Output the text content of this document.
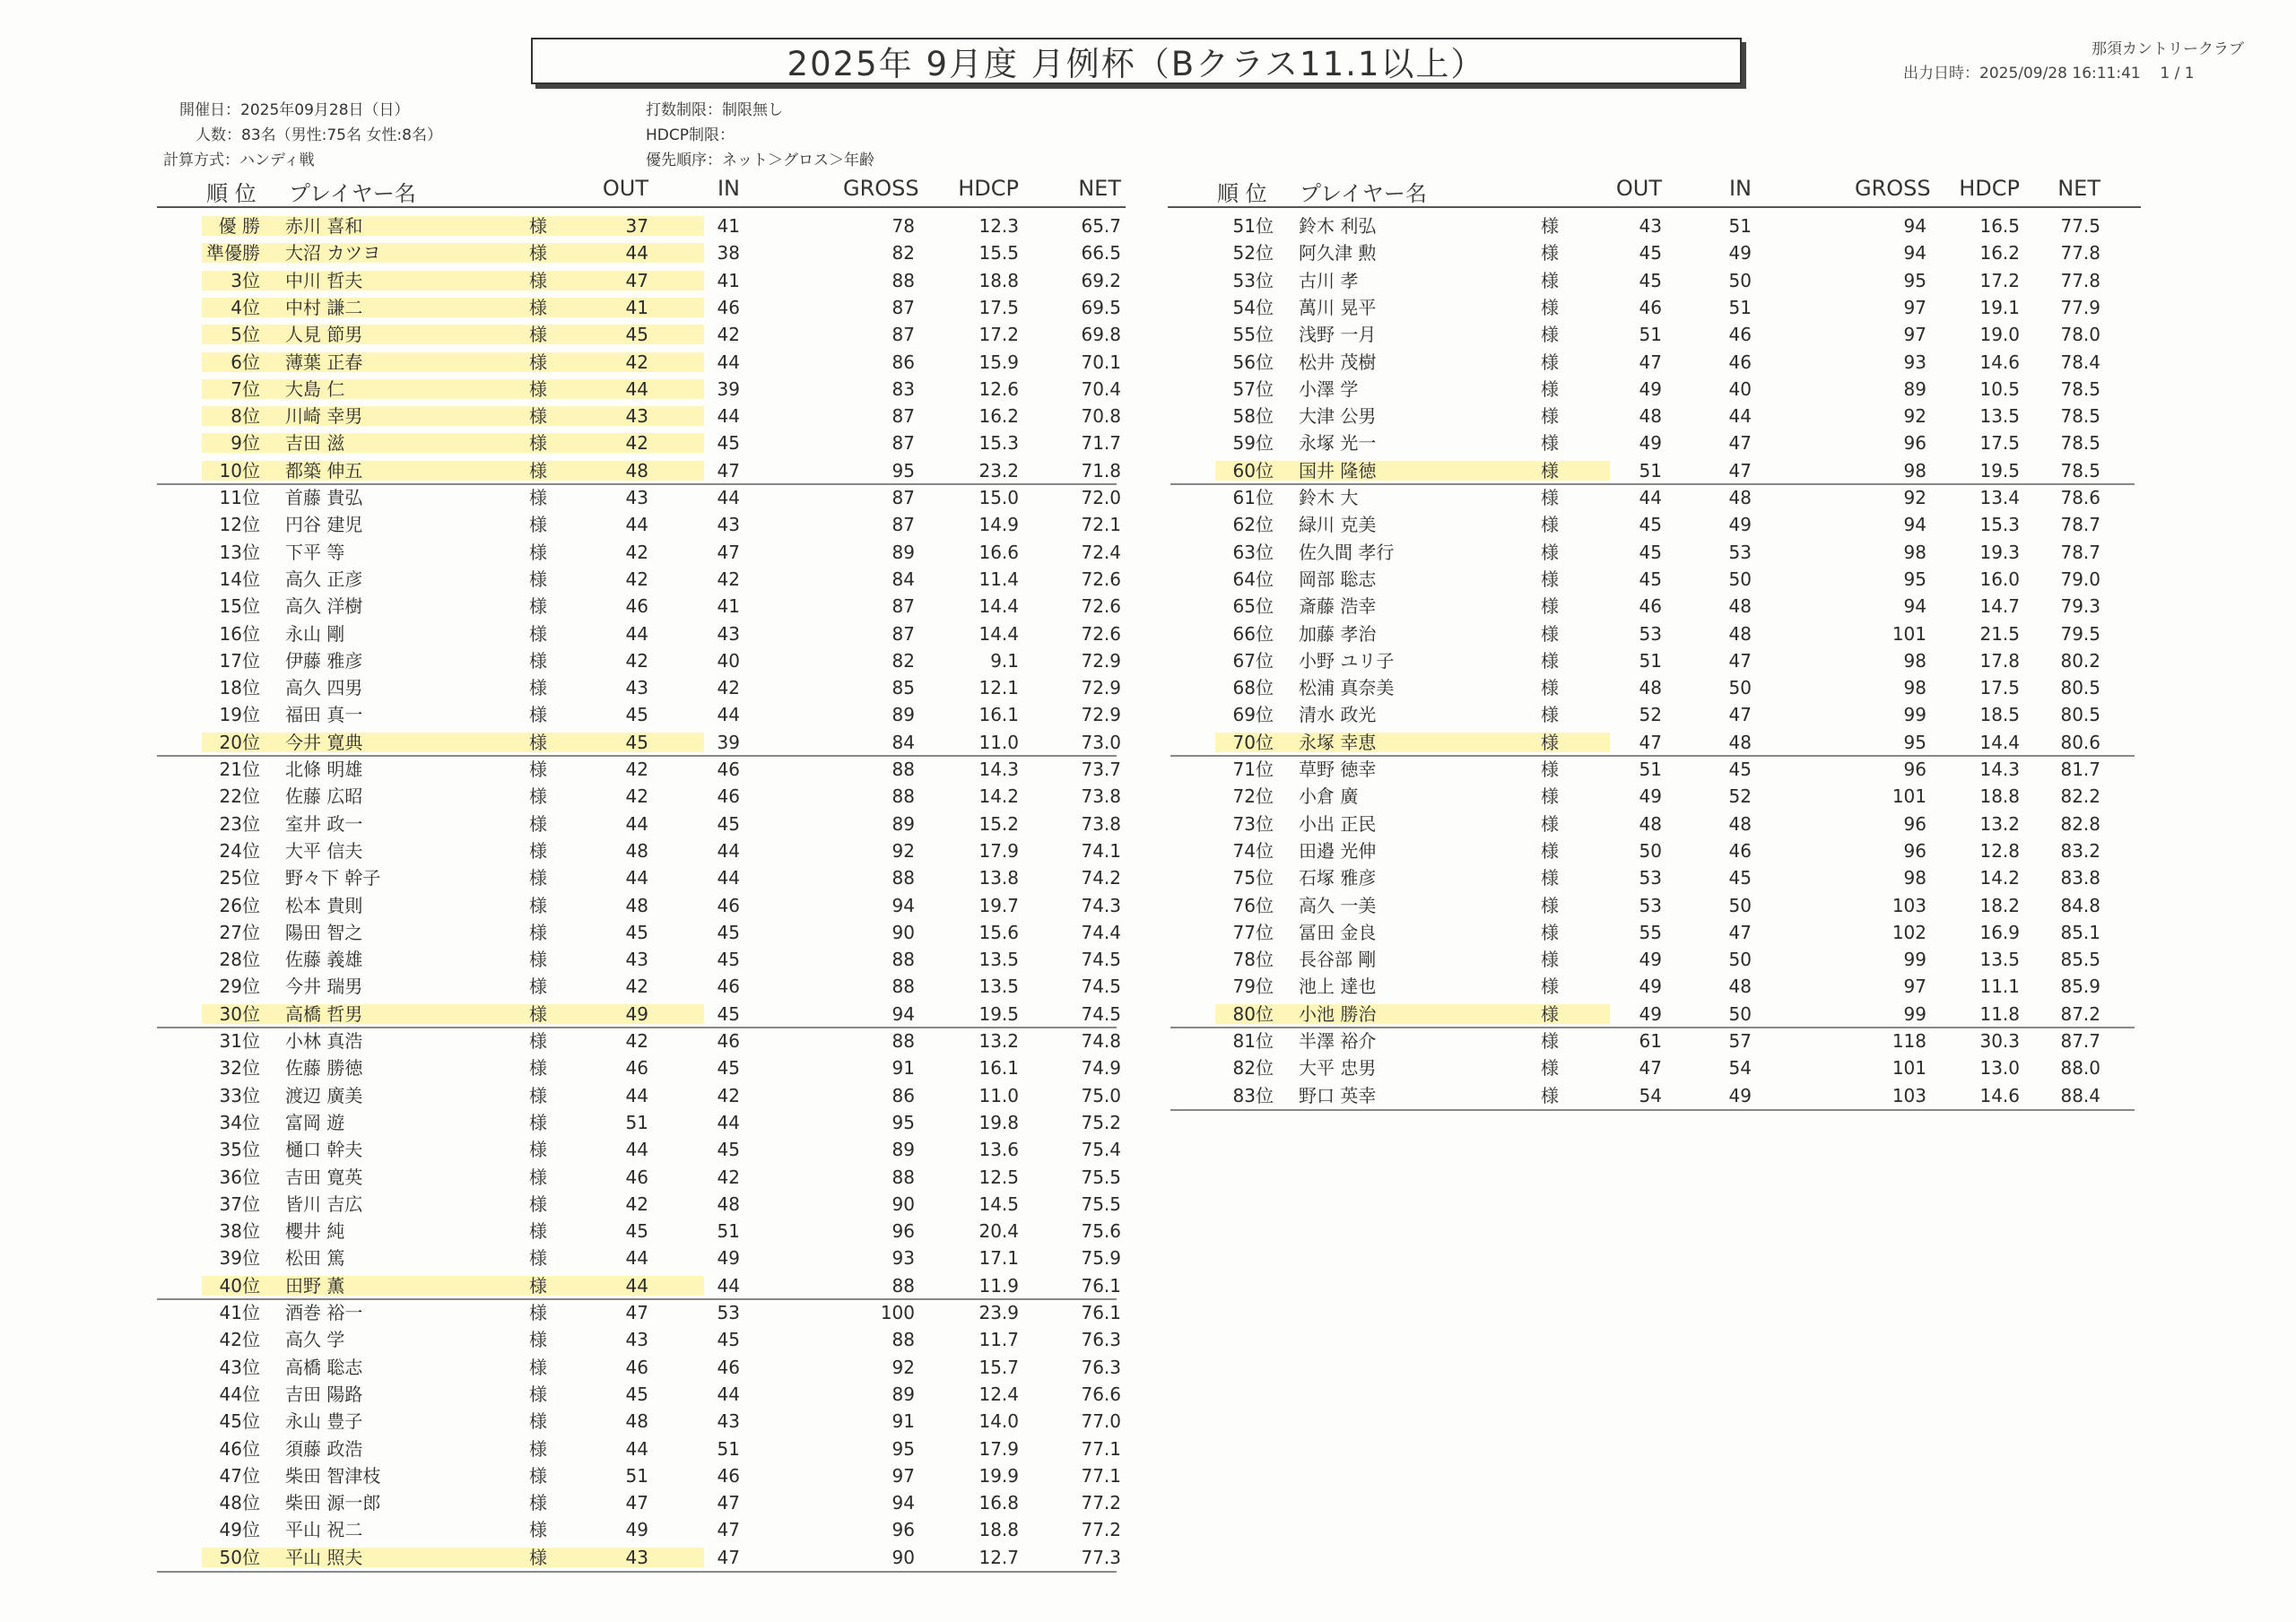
2025年 9月度 月例杯（Bクラス11.1以上）	那須カントリークラブ
出力日時：2025/09/28 16:11:41    1 / 1
開催日：2025年09月28日（日）
人数：83名（男性:75名 女性:8名）
計算方式：ハンディ戦
打数制限：制限無し
HDCP制限：
優先順序：ネット＞グロス＞年齢
順 位 プレイヤー名	OUT	IN	GROSS	HDCP	NET	順 位 プレイヤー名	OUT	IN	GROSS	HDCP	NET
優 勝 赤川 喜和	様	37	41	78	12.3	65.7
準優勝 大沼 カツヨ	様	44	38	82	15.5	66.5
3位 中川 哲夫	様	47	41	88	18.8	69.2
4位 中村 謙二	様	41	46	87	17.5	69.5
5位 人見 節男	様	45	42	87	17.2	69.8
6位 薄葉 正春	様	42	44	86	15.9	70.1
7位 大島 仁	様	44	39	83	12.6	70.4
8位 川崎 幸男	様	43	44	87	16.2	70.8
9位 吉田 滋	様	42	45	87	15.3	71.7
10位 都築 伸五	様	48	47	95	23.2	71.8
11位 首藤 貴弘	様	43	44	87	15.0	72.0
12位 円谷 建児	様	44	43	87	14.9	72.1
13位 下平 等	様	42	47	89	16.6	72.4
14位 高久 正彦	様	42	42	84	11.4	72.6
15位 高久 洋樹	様	46	41	87	14.4	72.6
16位 永山 剛	様	44	43	87	14.4	72.6
17位 伊藤 雅彦	様	42	40	82	9.1	72.9
18位 高久 四男	様	43	42	85	12.1	72.9
19位 福田 真一	様	45	44	89	16.1	72.9
20位 今井 寛典	様	45	39	84	11.0	73.0
21位 北條 明雄	様	42	46	88	14.3	73.7
22位 佐藤 広昭	様	42	46	88	14.2	73.8
23位 室井 政一	様	44	45	89	15.2	73.8
24位 大平 信夫	様	48	44	92	17.9	74.1
25位 野々下 幹子	様	44	44	88	13.8	74.2
26位 松本 貴則	様	48	46	94	19.7	74.3
27位 陽田 智之	様	45	45	90	15.6	74.4
28位 佐藤 義雄	様	43	45	88	13.5	74.5
29位 今井 瑞男	様	42	46	88	13.5	74.5
30位 高橋 哲男	様	49	45	94	19.5	74.5
31位 小林 真浩	様	42	46	88	13.2	74.8
32位 佐藤 勝徳	様	46	45	91	16.1	74.9
33位 渡辺 廣美	様	44	42	86	11.0	75.0
34位 富岡 遊	様	51	44	95	19.8	75.2
35位 樋口 幹夫	様	44	45	89	13.6	75.4
36位 吉田 寛英	様	46	42	88	12.5	75.5
37位 皆川 吉広	様	42	48	90	14.5	75.5
38位 櫻井 純	様	45	51	96	20.4	75.6
39位 松田 篤	様	44	49	93	17.1	75.9
40位 田野 薫	様	44	44	88	11.9	76.1
41位 酒巻 裕一	様	47	53	100	23.9	76.1
42位 高久 学	様	43	45	88	11.7	76.3
43位 高橋 聡志	様	46	46	92	15.7	76.3
44位 吉田 陽路	様	45	44	89	12.4	76.6
45位 永山 豊子	様	48	43	91	14.0	77.0
46位 須藤 政浩	様	44	51	95	17.9	77.1
47位 柴田 智津枝	様	51	46	97	19.9	77.1
48位 柴田 源一郎	様	47	47	94	16.8	77.2
49位 平山 祝二	様	49	47	96	18.8	77.2
50位 平山 照夫	様	43	47	90	12.7	77.3
51位 鈴木 利弘	様	43	51	94	16.5	77.5
52位 阿久津 勲	様	45	49	94	16.2	77.8
53位 古川 孝	様	45	50	95	17.2	77.8
54位 萬川 晃平	様	46	51	97	19.1	77.9
55位 浅野 一月	様	51	46	97	19.0	78.0
56位 松井 茂樹	様	47	46	93	14.6	78.4
57位 小澤 学	様	49	40	89	10.5	78.5
58位 大津 公男	様	48	44	92	13.5	78.5
59位 永塚 光一	様	49	47	96	17.5	78.5
60位 国井 隆徳	様	51	47	98	19.5	78.5
61位 鈴木 大	様	44	48	92	13.4	78.6
62位 緑川 克美	様	45	49	94	15.3	78.7
63位 佐久間 孝行	様	45	53	98	19.3	78.7
64位 岡部 聡志	様	45	50	95	16.0	79.0
65位 斎藤 浩幸	様	46	48	94	14.7	79.3
66位 加藤 孝治	様	53	48	101	21.5	79.5
67位 小野 ユリ子	様	51	47	98	17.8	80.2
68位 松浦 真奈美	様	48	50	98	17.5	80.5
69位 清水 政光	様	52	47	99	18.5	80.5
70位 永塚 幸恵	様	47	48	95	14.4	80.6
71位 草野 徳幸	様	51	45	96	14.3	81.7
72位 小倉 廣	様	49	52	101	18.8	82.2
73位 小出 正民	様	48	48	96	13.2	82.8
74位 田邉 光伸	様	50	46	96	12.8	83.2
75位 石塚 雅彦	様	53	45	98	14.2	83.8
76位 高久 一美	様	53	50	103	18.2	84.8
77位 冨田 金良	様	55	47	102	16.9	85.1
78位 長谷部 剛	様	49	50	99	13.5	85.5
79位 池上 達也	様	49	48	97	11.1	85.9
80位 小池 勝治	様	49	50	99	11.8	87.2
81位 半澤 裕介	様	61	57	118	30.3	87.7
82位 大平 忠男	様	47	54	101	13.0	88.0
83位 野口 英幸	様	54	49	103	14.6	88.4
